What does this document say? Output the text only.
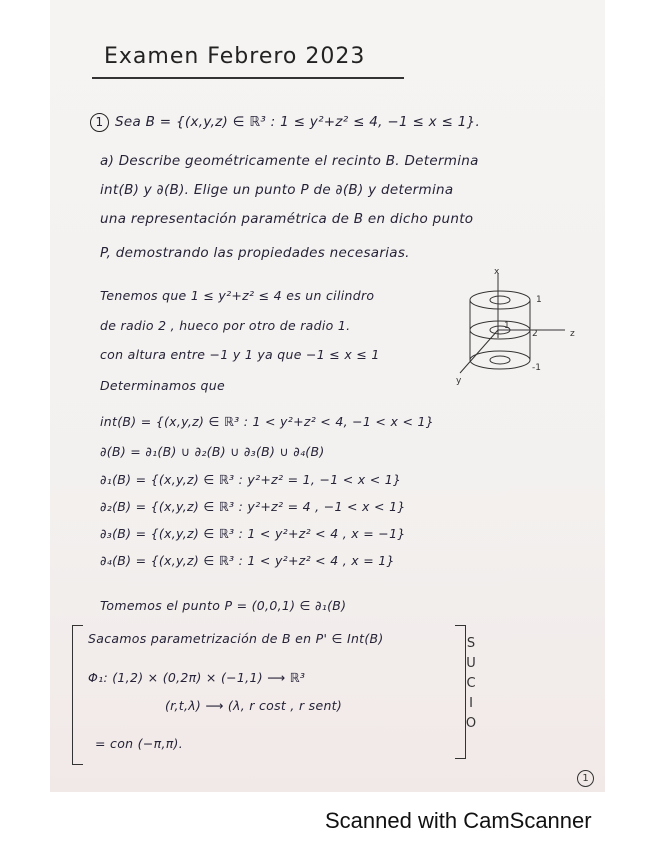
Examen Febrero 2023
1 Sea B = {(x,y,z) ∈ ℝ³ : 1 ≤ y²+z² ≤ 4, −1 ≤ x ≤ 1}.
a) Describe geométricamente el recinto B. Determina
int(B) y ∂(B). Elige un punto P de ∂(B) y determina
una representación paramétrica de B en dicho punto
P, demostrando las propiedades necesarias.
Tenemos que 1 ≤ y²+z² ≤ 4 es un cilindro
de radio 2 , hueco por otro de radio 1.
con altura entre −1 y 1 ya que −1 ≤ x ≤ 1
Determinamos que
x
y
z
1
-1
1
2
int(B) = {(x,y,z) ∈ ℝ³ : 1 < y²+z² < 4, −1 < x < 1}
∂(B) = ∂₁(B) ∪ ∂₂(B) ∪ ∂₃(B) ∪ ∂₄(B)
∂₁(B) = {(x,y,z) ∈ ℝ³ : y²+z² = 1, −1 < x < 1}
∂₂(B) = {(x,y,z) ∈ ℝ³ : y²+z² = 4 , −1 < x < 1}
∂₃(B) = {(x,y,z) ∈ ℝ³ : 1 < y²+z² < 4 , x = −1}
∂₄(B) = {(x,y,z) ∈ ℝ³ : 1 < y²+z² < 4 , x = 1}
Tomemos el punto P = (0,0,1) ∈ ∂₁(B)
Sacamos parametrización de B en P' ∈ Int(B)
Φ₁: (1,2) × (0,2π) × (−1,1) ⟶ ℝ³
(r,t,λ) ⟶ (λ, r cost , r sent)
= con (−π,π).
S
U
C
I
O
1
Scanned with CamScanner
